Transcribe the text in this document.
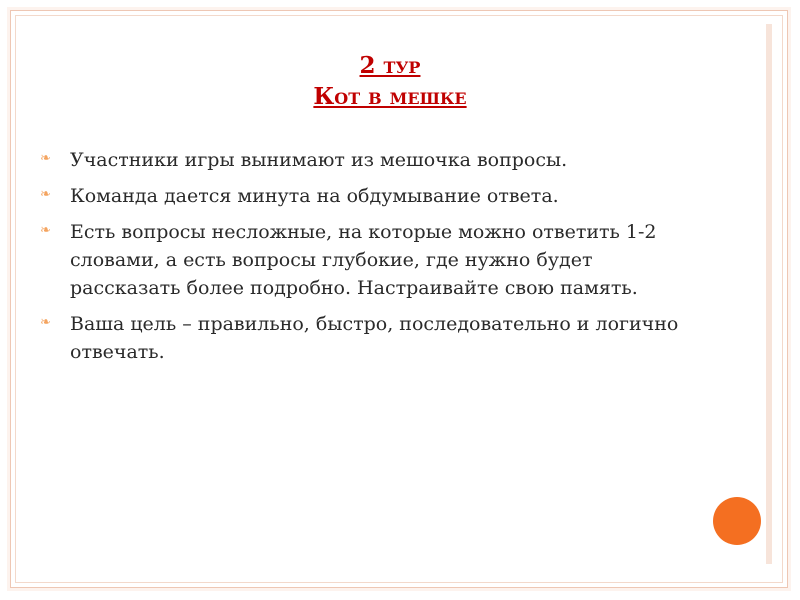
2 тур
Кот в мешке
❧ Участники игры вынимают из мешочка вопросы.
❧ Команда дается минута на обдумывание ответа.
❧ Есть вопросы несложные, на которые можно ответить 1-2 словами, а есть вопросы глубокие, где нужно будет рассказать более подробно. Настраивайте свою память.
❧ Ваша цель – правильно, быстро, последовательно и логично отвечать.
